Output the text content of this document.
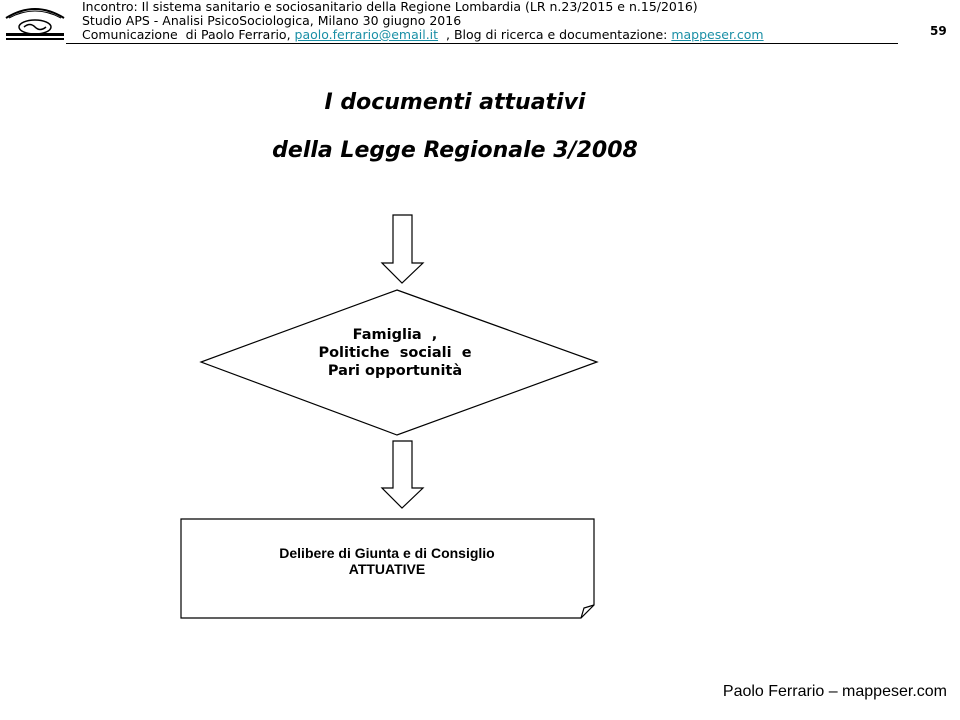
Incontro: Il sistema sanitario e sociosanitario della Regione Lombardia (LR n.23/2015 e n.15/2016)
Studio APS - Analisi PsicoSociologica, Milano 30 giugno 2016
Comunicazione  di Paolo Ferrario, paolo.ferrario@email.it  , Blog di ricerca e documentazione: mappeser.com	59
I documenti attuativi
della Legge Regionale 3/2008
Famiglia  ,
Politiche  sociali  e
Pari opportunità
Delibere di Giunta e di Consiglio
ATTUATIVE
Paolo Ferrario – mappeser.com
